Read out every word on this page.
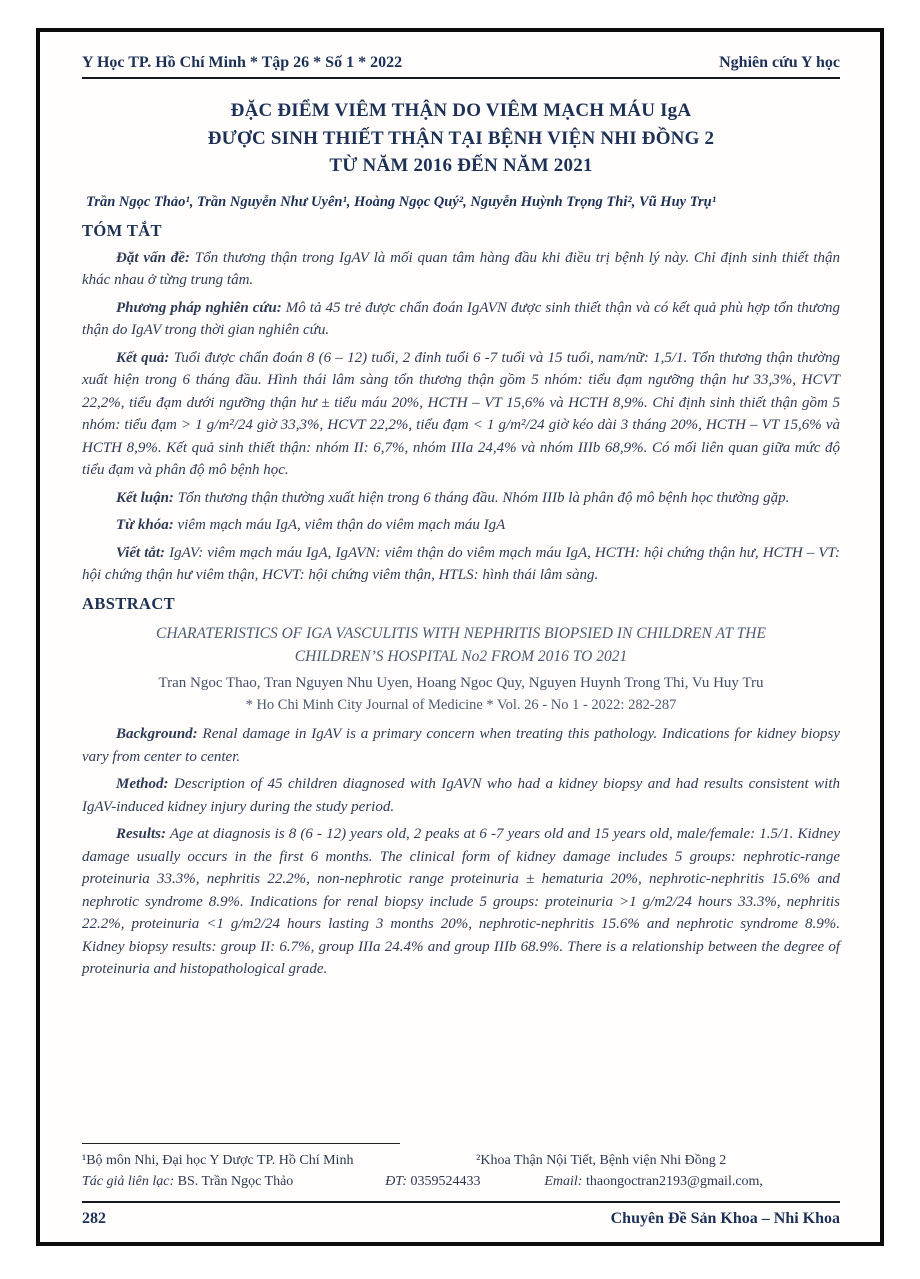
Y Học TP. Hồ Chí Minh * Tập 26 * Số 1 * 2022	Nghiên cứu Y học
ĐẶC ĐIỂM VIÊM THẬN DO VIÊM MẠCH MÁU IgA
ĐƯỢC SINH THIẾT THẬN TẠI BỆNH VIỆN NHI ĐỒNG 2
TỪ NĂM 2016 ĐẾN NĂM 2021
Trần Ngọc Thảo¹, Trần Nguyễn Như Uyên¹, Hoàng Ngọc Quý², Nguyễn Huỳnh Trọng Thi², Vũ Huy Trụ¹
TÓM TẮT

Đặt vấn đề: Tổn thương thận trong IgAV là mối quan tâm hàng đầu khi điều trị bệnh lý này. Chỉ định sinh thiết thận khác nhau ở từng trung tâm.

Phương pháp nghiên cứu: Mô tả 45 trẻ được chẩn đoán IgAVN được sinh thiết thận và có kết quả phù hợp tổn thương thận do IgAV trong thời gian nghiên cứu.

Kết quả: Tuổi được chẩn đoán 8 (6 – 12) tuổi, 2 đỉnh tuổi 6 -7 tuổi và 15 tuổi, nam/nữ: 1,5/1. Tổn thương thận thường xuất hiện trong 6 tháng đầu. Hình thái lâm sàng tổn thương thận gồm 5 nhóm: tiểu đạm ngưỡng thận hư 33,3%, HCVT 22,2%, tiểu đạm dưới ngưỡng thận hư ± tiểu máu 20%, HCTH – VT 15,6% và HCTH 8,9%. Chỉ định sinh thiết thận gồm 5 nhóm: tiểu đạm > 1 g/m²/24 giờ 33,3%, HCVT 22,2%, tiểu đạm < 1 g/m²/24 giờ kéo dài 3 tháng 20%, HCTH – VT 15,6% và HCTH 8,9%. Kết quả sinh thiết thận: nhóm II: 6,7%, nhóm IIIa 24,4% và nhóm IIIb 68,9%. Có mối liên quan giữa mức độ tiểu đạm và phân độ mô bệnh học.

Kết luận: Tổn thương thận thường xuất hiện trong 6 tháng đầu. Nhóm IIIb là phân độ mô bệnh học thường gặp.

Từ khóa: viêm mạch máu IgA, viêm thận do viêm mạch máu IgA

Viết tắt: IgAV: viêm mạch máu IgA, IgAVN: viêm thận do viêm mạch máu IgA, HCTH: hội chứng thận hư, HCTH – VT: hội chứng thận hư viêm thận, HCVT: hội chứng viêm thận, HTLS: hình thái lâm sàng.

ABSTRACT
CHARATERISTICS OF IGA VASCULITIS WITH NEPHRITIS BIOPSIED IN CHILDREN AT THE
CHILDREN’S HOSPITAL No2 FROM 2016 TO 2021
Tran Ngoc Thao, Tran Nguyen Nhu Uyen, Hoang Ngoc Quy, Nguyen Huynh Trong Thi, Vu Huy Tru
* Ho Chi Minh City Journal of Medicine * Vol. 26 - No 1 - 2022: 282-287

Background: Renal damage in IgAV is a primary concern when treating this pathology. Indications for kidney biopsy vary from center to center.

Method: Description of 45 children diagnosed with IgAVN who had a kidney biopsy and had results consistent with IgAV-induced kidney injury during the study period.

Results: Age at diagnosis is 8 (6 - 12) years old, 2 peaks at 6 -7 years old and 15 years old, male/female: 1.5/1. Kidney damage usually occurs in the first 6 months. The clinical form of kidney damage includes 5 groups: nephrotic-range proteinuria 33.3%, nephritis 22.2%, non-nephrotic range proteinuria ± hematuria 20%, nephrotic-nephritis 15.6% and nephrotic syndrome 8.9%. Indications for renal biopsy include 5 groups: proteinuria >1 g/m2/24 hours 33.3%, nephritis 22.2%, proteinuria <1 g/m2/24 hours lasting 3 months 20%, nephrotic-nephritis 15.6% and nephrotic syndrome 8.9%. Kidney biopsy results: group II: 6.7%, group IIIa 24.4% and group IIIb 68.9%. There is a relationship between the degree of proteinuria and histopathological grade.

¹Bộ môn Nhi, Đại học Y Dược TP. Hồ Chí Minh	²Khoa Thận Nội Tiết, Bệnh viện Nhi Đồng 2
Tác giả liên lạc: BS. Trần Ngọc Thảo	ĐT: 0359524433	Email: thaongoctran2193@gmail.com,
282	Chuyên Đề Sản Khoa – Nhi Khoa
